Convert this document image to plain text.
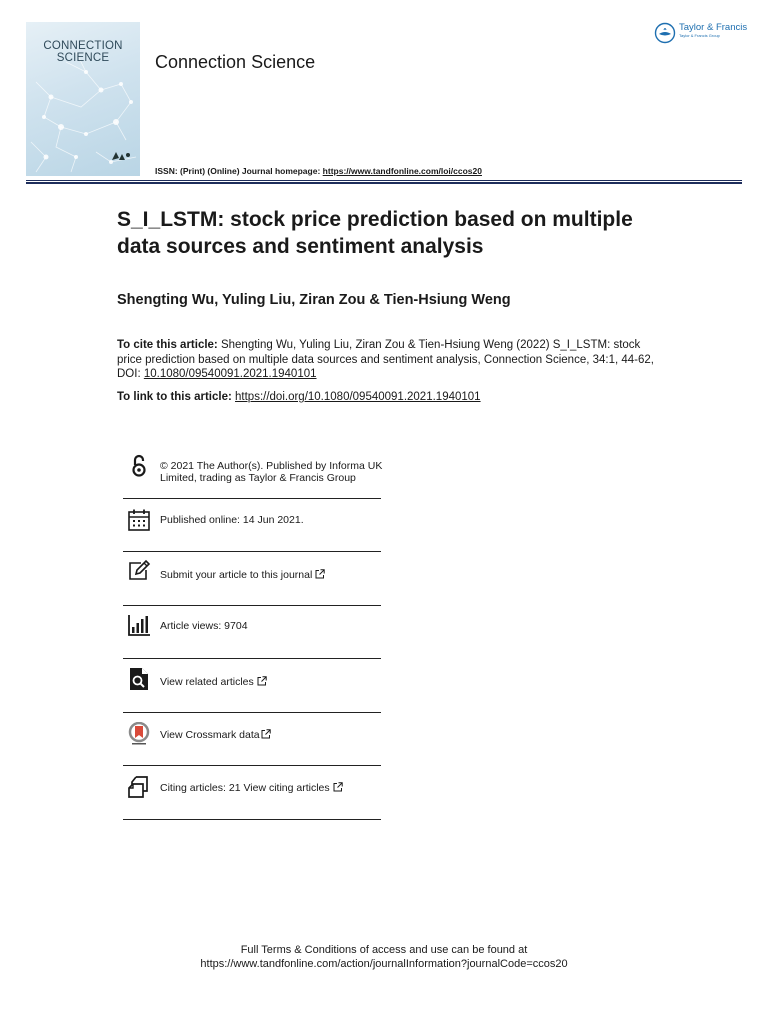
CONNECTION
SCIENCE	Connection Science
ISSN: (Print) (Online) Journal homepage: https://www.tandfonline.com/loi/ccos20
Taylor & Francis
Taylor & Francis Group
S_I_LSTM: stock price prediction based on multiple data sources and sentiment analysis
Shengting Wu, Yuling Liu, Ziran Zou & Tien-Hsiung Weng
To cite this article: Shengting Wu, Yuling Liu, Ziran Zou & Tien-Hsiung Weng (2022) S_I_LSTM: stock price prediction based on multiple data sources and sentiment analysis, Connection Science, 34:1, 44-62, DOI: 10.1080/09540091.2021.1940101
To link to this article: https://doi.org/10.1080/09540091.2021.1940101
© 2021 The Author(s). Published by Informa UK Limited, trading as Taylor & Francis Group
Published online: 14 Jun 2021.
Submit your article to this journal
Article views: 9704
View related articles
View Crossmark data
Citing articles: 21 View citing articles
Full Terms & Conditions of access and use can be found at
https://www.tandfonline.com/action/journalInformation?journalCode=ccos20
